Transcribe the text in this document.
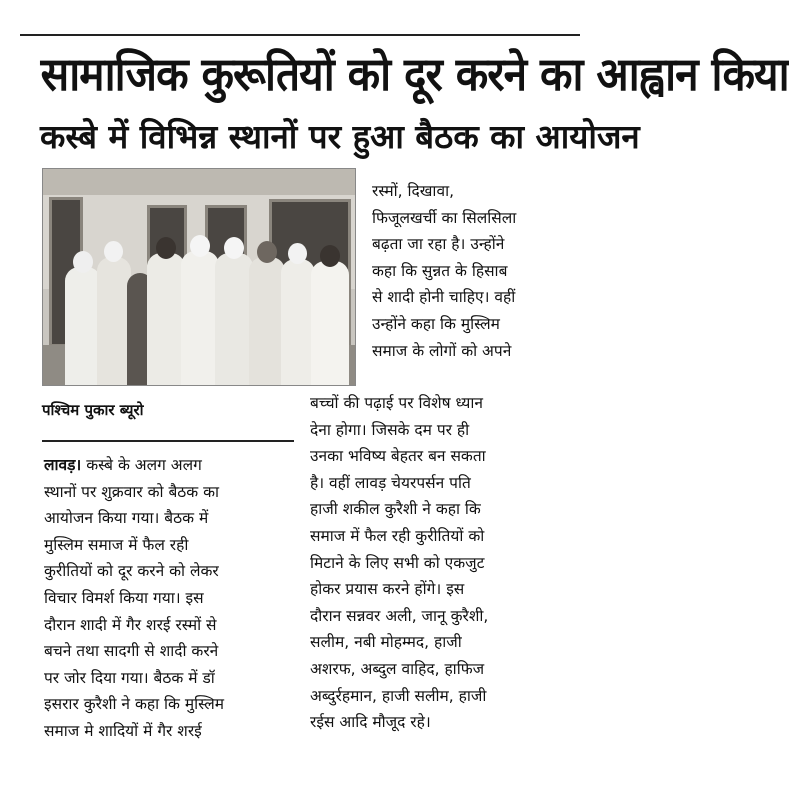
सामाजिक कुरूतियों को दूर करने का आह्वान किया
कस्बे में विभिन्न स्थानों पर हुआ बैठक का आयोजन
पश्चिम पुकार ब्यूरो
लावड़। कस्बे के अलग अलग
स्थानों पर शुक्रवार को बैठक का
आयोजन किया गया। बैठक में
मुस्लिम समाज में फैल रही
कुरीतियों को दूर करने को लेकर
विचार विमर्श किया गया। इस
दौरान शादी में गैर शरई रस्मों से
बचने तथा सादगी से शादी करने
पर जोर दिया गया। बैठक में डॉ
इसरार कुरैशी ने कहा कि मुस्लिम
समाज मे शादियों में गैर शरई
रस्मों, दिखावा,
फिजूलखर्ची का सिलसिला
बढ़ता जा रहा है। उन्होंने
कहा कि सुन्नत के हिसाब
से शादी होनी चाहिए। वहीं
उन्होंने कहा कि मुस्लिम
समाज के लोगों को अपने
बच्चों की पढ़ाई पर विशेष ध्यान
देना होगा। जिसके दम पर ही
उनका भविष्य बेहतर बन सकता
है। वहीं लावड़ चेयरपर्सन पति
हाजी शकील कुरैशी ने कहा कि
समाज में फैल रही कुरीतियों को
मिटाने के लिए सभी को एकजुट
होकर प्रयास करने होंगे। इस
दौरान सन्नवर अली, जानू कुरैशी,
सलीम, नबी मोहम्मद, हाजी
अशरफ, अब्दुल वाहिद, हाफिज
अब्दुर्रहमान, हाजी सलीम, हाजी
रईस आदि मौजूद रहे।
